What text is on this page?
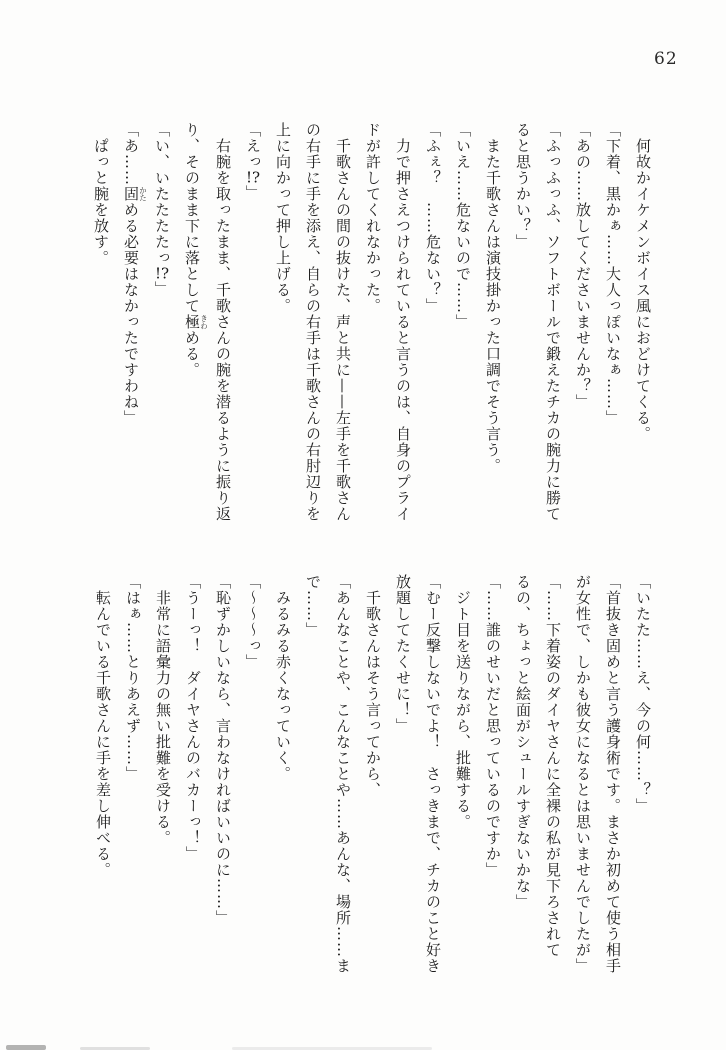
62
何故かイケメンボイス風におどけてくる。
「下着、黒かぁ……大人っぽいなぁ……」
「あの……放してくださいませんか？」
「ふっふっふ、ソフトボールで鍛えたチカの腕力に勝て
ると思うかい？」
また千歌さんは演技掛かった口調でそう言う。
「いえ……危ないので……」
「ふぇ？　……危ない？」
力で押さえつけられていると言うのは、自身のプライ
ドが許してくれなかった。
千歌さんの間の抜けた、声と共に——左手を千歌さん
の右手に手を添え、自らの右手は千歌さんの右肘辺りを
上に向かって押し上げる。
「えっ!?」
右腕を取ったまま、千歌さんの腕を潜るように振り返
り、そのまま下に落として極きわめる。
「い、いたたたたっ!?」
「あ……固かためる必要はなかったですわね」
ぱっと腕を放す。
「いたた……え、今の何……？」
「首抜き固めと言う護身術です。まさか初めて使う相手
が女性で、しかも彼女になるとは思いませんでしたが」
「……下着姿のダイヤさんに全裸の私が見下ろされて
るの、ちょっと絵面がシュールすぎないかな」
「……誰のせいだと思っているのですか」
ジト目を送りながら、批難する。
「むー反撃しないでよ！　さっきまで、チカのこと好き
放題してたくせに！」
千歌さんはそう言ってから、
「あんなことや、こんなことや……あんな、場所……ま
で……」
みるみる赤くなっていく。
「〜〜〜っ」
「恥ずかしいなら、言わなければいいのに……」
「うーっ！　ダイヤさんのバカーっ！」
非常に語彙力の無い批難を受ける。
「はぁ……とりあえず……」
転んでいる千歌さんに手を差し伸べる。
